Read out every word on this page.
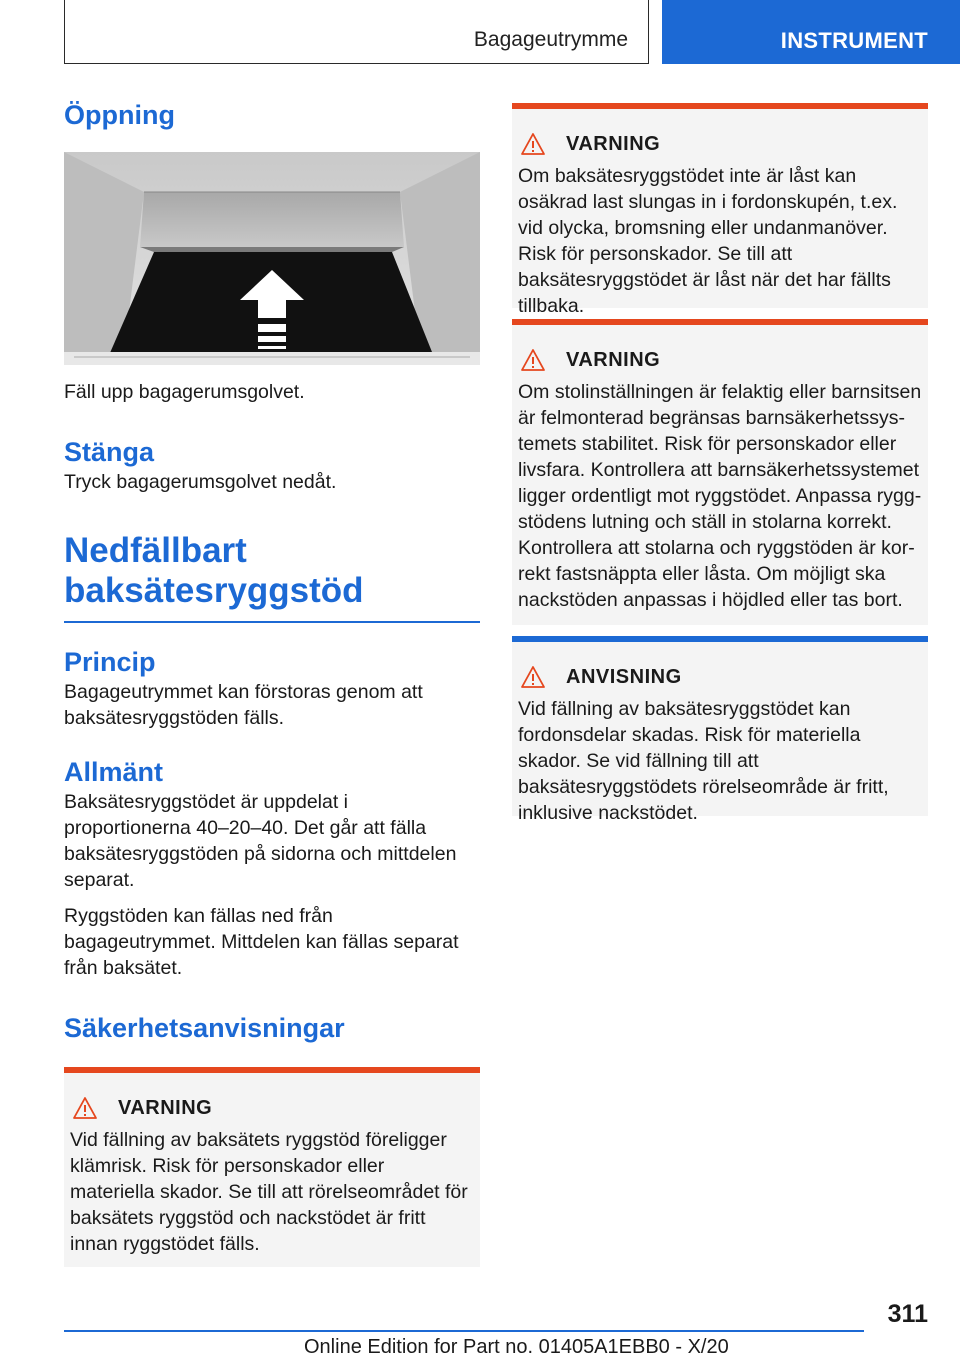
Bagageutrymme	INSTRUMENT
Öppning

Fäll upp bagagerumsgolvet.

Stänga

Tryck bagagerumsgolvet nedåt.

Nedfällbart
baksätesryggstöd
Princip

Bagageutrymmet kan förstoras genom att baksätesryggstöden fälls.

Allmänt

Baksätesryggstödet är uppdelat i proportionerna 40–20–40. Det går att fälla baksätesryggstöden på sidorna och mittdelen separat.

Ryggstöden kan fällas ned från bagageutrymmet. Mittdelen kan fällas separat från baksätet.

Säkerhetsanvisningar
VARNING
Vid fällning av baksätets ryggstöd föreligger klämrisk. Risk för personskador eller materiella skador. Se till att rörelseområdet för baksätets ryggstöd och nackstödet är fritt innan ryggstödet fälls.
VARNING
Om baksätesryggstödet inte är låst kan osäkrad last slungas in i fordonskupén, t.ex. vid olycka, bromsning eller undanmanöver. Risk för personskador. Se till att baksätesryggstödet är låst när det har fällts tillbaka.
VARNING
Om stolinställningen är felaktig eller barnsitsen är felmonterad begränsas barnsäkerhetssystemets stabilitet. Risk för personskador eller livsfara. Kontrollera att barnsäkerhetssystemet ligger ordentligt mot ryggstödet. Anpassa ryggstödens lutning och ställ in stolarna korrekt. Kontrollera att stolarna och ryggstöden är korrekt fastsnäppta eller låsta. Om möjligt ska nackstöden anpassas i höjdled eller tas bort.
ANVISNING
Vid fällning av baksätesryggstödet kan fordonsdelar skadas. Risk för materiella skador. Se vid fällning till att baksätesryggstödets rörelseområde är fritt, inklusive nackstödet.
311
Online Edition for Part no. 01405A1EBB0 - X/20
